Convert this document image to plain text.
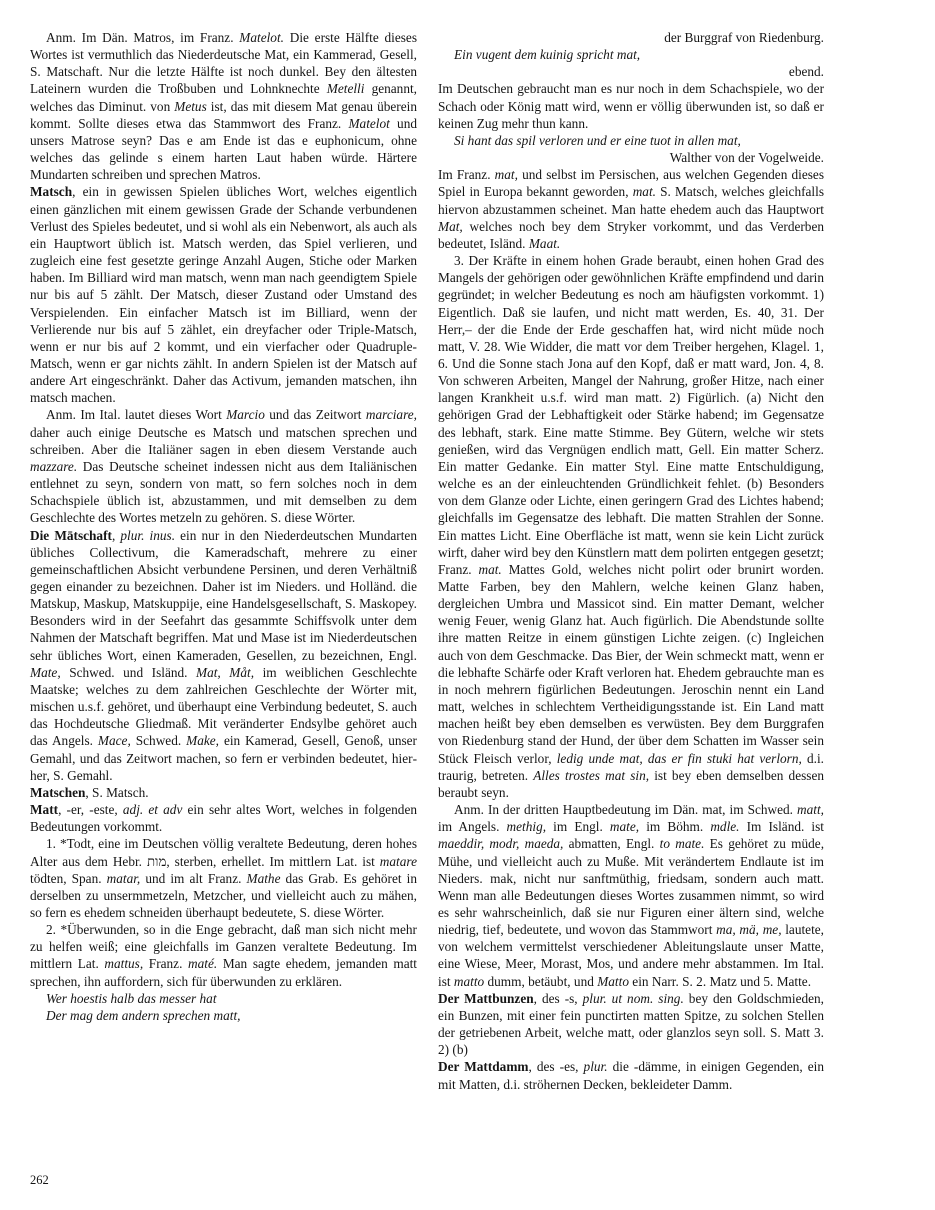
Anm. Im Dän. Matros, im Franz. Matelot. Die erste Hälfte dieses Wortes ist vermuthlich das Niederdeutsche Mat, ein Kammerad, Gesell, S. Matschaft. Nur die letzte Hälfte ist noch dunkel. Bey den ältesten Lateinern wurden die Troßbuben und Lohnknechte Metelli genannt, welches das Diminut. von Metus ist, das mit diesem Mat genau überein kommt. Sollte dieses etwa das Stammwort des Franz. Matelot und unsers Matrose seyn? Das e am Ende ist das e euphonicum, ohne welches das gelinde s einem harten Laut haben würde. Härtere Mundarten schreiben und sprechen Matros.

Matsch, ein in gewissen Spielen übliches Wort, welches eigentlich einen gänzlichen mit einem gewissen Grade der Schande verbundenen Verlust des Spieles bedeutet, und si wohl als ein Nebenwort, als auch als ein Hauptwort üblich ist. Matsch werden, das Spiel verlieren, und zugleich eine fest gesetzte geringe Anzahl Augen, Stiche oder Marken haben. Im Billiard wird man matsch, wenn man nach geendigtem Spiele nur bis auf 5 zählt. Der Matsch, dieser Zustand oder Umstand des Verspielenden. Ein einfacher Matsch ist im Billiard, wenn der Verlierende nur bis auf 5 zählet, ein dreyfacher oder Triple-Matsch, wenn er nur bis auf 2 kommt, und ein vierfacher oder Quadruple-Matsch, wenn er gar nichts zählt. In andern Spielen ist der Matsch auf andere Art eingeschränkt. Daher das Activum, jemanden matschen, ihn matsch machen.

Anm. Im Ital. lautet dieses Wort Marcio und das Zeitwort marciare, daher auch einige Deutsche es Matsch und matschen sprechen und schreiben. Aber die Italiäner sagen in eben diesem Verstande auch mazzare. Das Deutsche scheinet indessen nicht aus dem Italiänischen entlehnet zu seyn, sondern von matt, so fern solches noch in dem Schachspiele üblich ist, abzustammen, und mit demselben zu dem Geschlechte des Wortes metzeln zu gehören. S. diese Wörter.

Die Mātschaft, plur. inus. ein nur in den Niederdeutschen Mundarten übliches Collectivum, die Kameradschaft, mehrere zu einer gemeinschaftlichen Absicht verbundene Persinen, und deren Verhältniß gegen einander zu bezeichnen. Daher ist im Nieders. und Holländ. die Matskup, Maskup, Matskuppije, eine Handelsgesellschaft, S. Maskopey. Besonders wird in der Seefahrt das gesammte Schiffsvolk unter dem Nahmen der Matschaft begriffen. Mat und Mase ist im Niederdeutschen sehr übliches Wort, einen Kameraden, Gesellen, zu bezeichnen, Engl. Mate, Schwed. und Isländ. Mat, Måt, im weiblichen Geschlechte Maatske; welches zu dem zahlreichen Geschlechte der Wörter mit, mischen u.s.f. gehöret, und überhaupt eine Verbindung bedeutet, S. auch das Hochdeutsche Gliedmaß. Mit veränderter Endsylbe gehöret auch das Angels. Mace, Schwed. Make, ein Kamerad, Gesell, Genoß, unser Gemahl, und das Zeitwort machen, so fern er verbinden bedeutet, hierher, S. Gemahl.

Matschen, S. Matsch.

Matt, -er, -este, adj. et adv ein sehr altes Wort, welches in folgenden Bedeutungen vorkommt.

1. *Todt, eine im Deutschen völlig veraltete Bedeutung, deren hohes Alter aus dem Hebr. מות, sterben, erhellet. Im mittlern Lat. ist matare tödten, Span. matar, und im alt Franz. Mathe das Grab. Es gehöret in derselben zu unsermmetzeln, Metzcher, und vielleicht auch zu mähen, so fern es ehedem schneiden überhaupt bedeutete, S. diese Wörter.

2. *Überwunden, so in die Enge gebracht, daß man sich nicht mehr zu helfen weiß; eine gleichfalls im Ganzen veraltete Bedeutung. Im mittlern Lat. mattus, Franz. maté. Man sagte ehedem, jemanden matt sprechen, ihn auffordern, sich für überwunden zu erklären.

Wer hoestis halb das messer hat

Der mag dem andern sprechen matt,

der Burggraf von Riedenburg.

Ein vugent dem kuinig spricht mat,

ebend.

Im Deutschen gebraucht man es nur noch in dem Schachspiele, wo der Schach oder König matt wird, wenn er völlig überwunden ist, so daß er keinen Zug mehr thun kann.

Si hant das spil verloren und er eine tuot in allen mat,

Walther von der Vogelweide.

Im Franz. mat, und selbst im Persischen, aus welchen Gegenden dieses Spiel in Europa bekannt geworden, mat. S. Matsch, welches gleichfalls hiervon abzustammen scheinet. Man hatte ehedem auch das Hauptwort Mat, welches noch bey dem Stryker vorkommt, und das Verderben bedeutet, Isländ. Maat.

3. Der Kräfte in einem hohen Grade beraubt, einen hohen Grad des Mangels der gehörigen oder gewöhnlichen Kräfte empfindend und darin gegründet; in welcher Bedeutung es noch am häufigsten vorkommt. 1) Eigentlich. Daß sie laufen, und nicht matt werden, Es. 40, 31. Der Herr,– der die Ende der Erde geschaffen hat, wird nicht müde noch matt, V. 28. Wie Widder, die matt vor dem Treiber hergehen, Klagel. 1, 6. Und die Sonne stach Jona auf den Kopf, daß er matt ward, Jon. 4, 8. Von schweren Arbeiten, Mangel der Nahrung, großer Hitze, nach einer langen Krankheit u.s.f. wird man matt. 2) Figürlich. (a) Nicht den gehörigen Grad der Lebhaftigkeit oder Stärke habend; im Gegensatze des lebhaft, stark. Eine matte Stimme. Bey Gütern, welche wir stets genießen, wird das Vergnügen endlich matt, Gell. Ein matter Scherz. Ein matter Gedanke. Ein matter Styl. Eine matte Entschuldigung, welche es an der einleuchtenden Gründlichkeit fehlet. (b) Besonders von dem Glanze oder Lichte, einen geringern Grad des Lichtes habend; gleichfalls im Gegensatze des lebhaft. Die matten Strahlen der Sonne. Ein mattes Licht. Eine Oberfläche ist matt, wenn sie kein Licht zurück wirft, daher wird bey den Künstlern matt dem polirten entgegen gesetzt; Franz. mat. Mattes Gold, welches nicht polirt oder brunirt worden. Matte Farben, bey den Mahlern, welche keinen Glanz haben, dergleichen Umbra und Massicot sind. Ein matter Demant, welcher wenig Feuer, wenig Glanz hat. Auch figürlich. Die Abendstunde sollte ihre matten Reitze in einem günstigen Lichte zeigen. (c) Ingleichen auch von dem Geschmacke. Das Bier, der Wein schmeckt matt, wenn er die lebhafte Schärfe oder Kraft verloren hat. Ehedem gebrauchte man es in noch mehrern figürlichen Bedeutungen. Jeroschin nennt ein Land matt, welches in schlechtem Vertheidigungsstande ist. Ein Land matt machen heißt bey eben demselben es verwüsten. Bey dem Burggrafen von Riedenburg stand der Hund, der über dem Schatten im Wasser sein Stück Fleisch verlor, ledig unde mat, das er fin stuki hat verlorn, d.i. traurig, betreten. Alles trostes mat sin, ist bey eben demselben dessen beraubt seyn.

Anm. In der dritten Hauptbedeutung im Dän. mat, im Schwed. matt, im Angels. methig, im Engl. mate, im Böhm. mdle. Im Isländ. ist maeddir, modr, maeda, abmatten, Engl. to mate. Es gehöret zu müde, Mühe, und vielleicht auch zu Muße. Mit verändertem Endlaute ist im Nieders. mak, nicht nur sanftmüthig, friedsam, sondern auch matt. Wenn man alle Bedeutungen dieses Wortes zusammen nimmt, so wird es sehr wahrscheinlich, daß sie nur Figuren einer ältern sind, welche niedrig, tief, bedeutete, und wovon das Stammwort ma, mä, me, lautete, von welchem vermittelst verschiedener Ableitungslaute unser Matte, eine Wiese, Meer, Morast, Mos, und andere mehr abstammen. Im Ital. ist matto dumm, betäubt, und Matto ein Narr. S. 2. Matz und 5. Matte.

Der Mattbunzen, des -s, plur. ut nom. sing. bey den Goldschmieden, ein Bunzen, mit einer fein punctirten matten Spitze, zu solchen Stellen der getriebenen Arbeit, welche matt, oder glanzlos seyn soll. S. Matt 3. 2) (b)

Der Mattdamm, des -es, plur. die -dämme, in einigen Gegenden, ein mit Matten, d.i. ströhernen Decken, bekleideter Damm.

262
